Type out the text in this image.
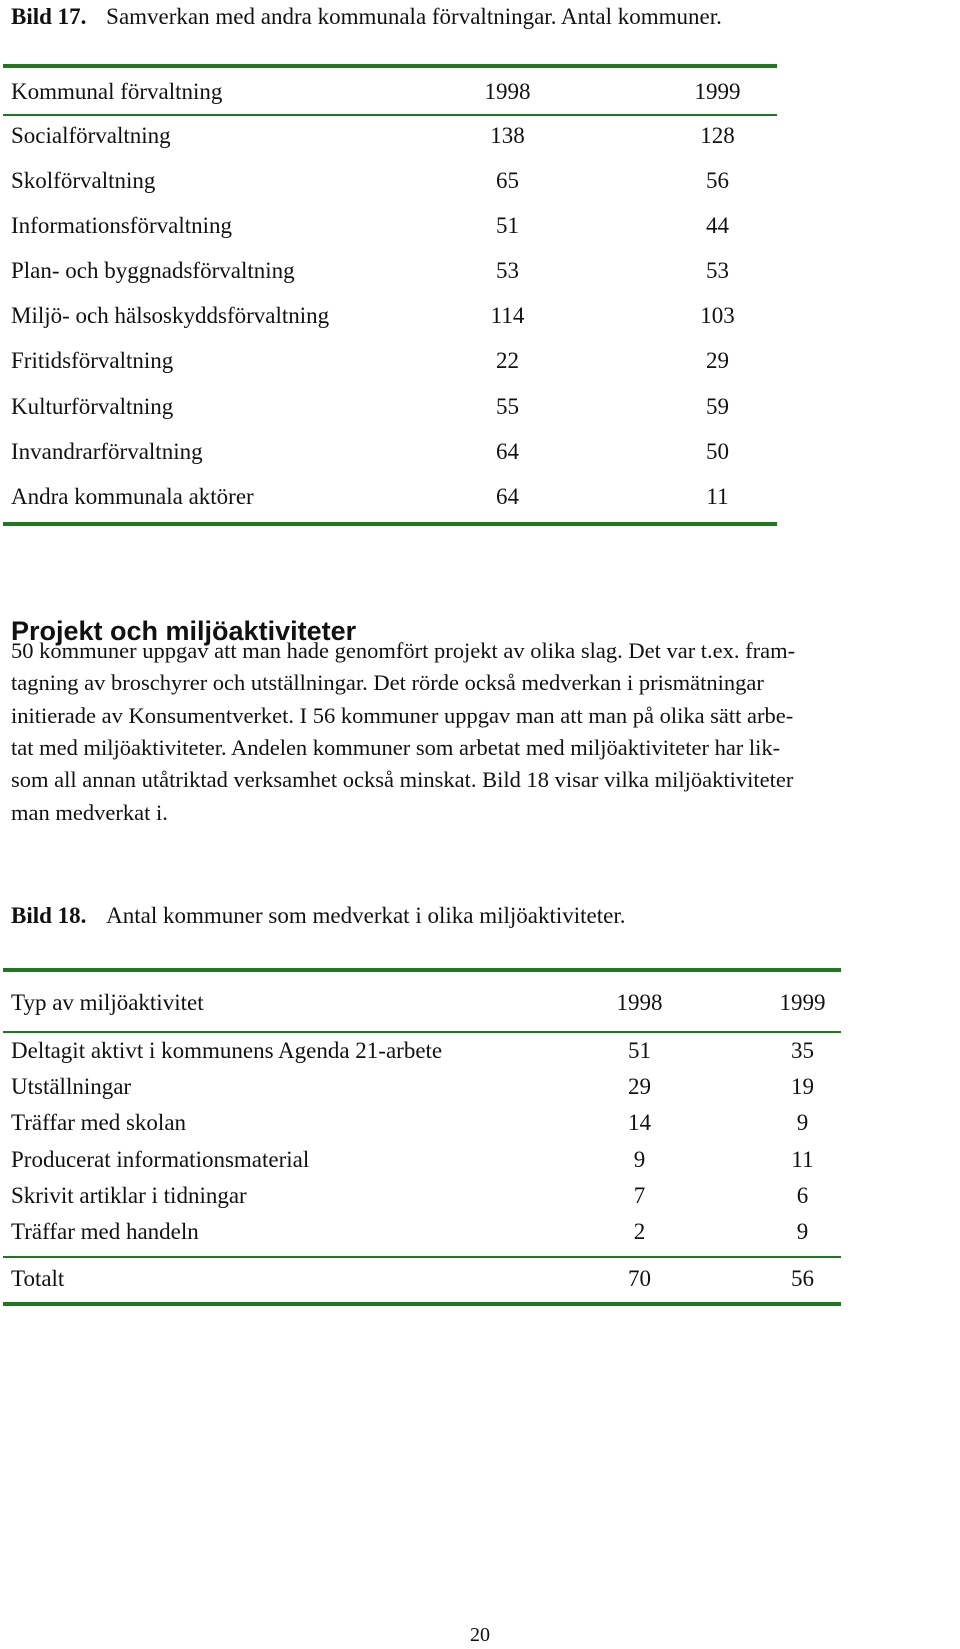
Bild 17. Samverkan med andra kommunala förvaltningar. Antal kommuner.
Kommunal förvaltning	1998	1999
Socialförvaltning	138	128
Skolförvaltning	65	56
Informationsförvaltning	51	44
Plan- och byggnadsförvaltning	53	53
Miljö- och hälsoskyddsförvaltning	114	103
Fritidsförvaltning	22	29
Kulturförvaltning	55	59
Invandrarförvaltning	64	50
Andra kommunala aktörer	64	11
Projekt och miljöaktiviteter
50 kommuner uppgav att man hade genomfört projekt av olika slag. Det var t.ex. fram-
tagning av broschyrer och utställningar. Det rörde också medverkan i prismätningar
initierade av Konsumentverket. I 56 kommuner uppgav man att man på olika sätt arbe-
tat med miljöaktiviteter. Andelen kommuner som arbetat med miljöaktiviteter har lik-
som all annan utåtriktad verksamhet också minskat. Bild 18 visar vilka miljöaktiviteter
man medverkat i.
Bild 18. Antal kommuner som medverkat i olika miljöaktiviteter.
Typ av miljöaktivitet	1998	1999
Deltagit aktivt i kommunens Agenda 21-arbete	51	35
Utställningar	29	19
Träffar med skolan	14	9
Producerat informationsmaterial	9	11
Skrivit artiklar i tidningar	7	6
Träffar med handeln	2	9
Totalt	70	56
20
